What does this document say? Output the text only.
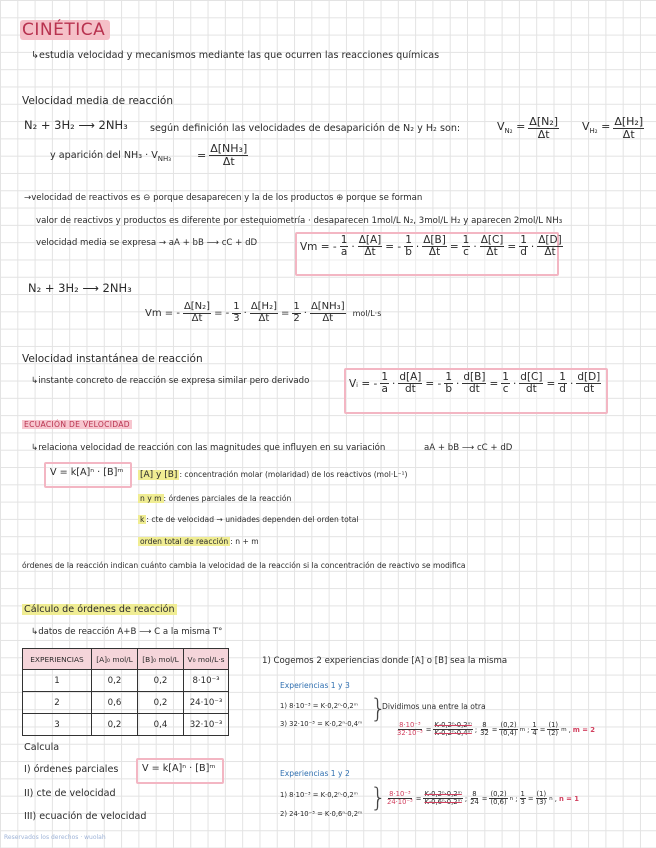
CINÉTICA
↳estudia velocidad y mecanismos mediante las que ocurren las reacciones químicas
Velocidad media de reacción
N₂ + 3H₂ ⟶ 2NH₃ según definición las velocidades de desaparición de N₂ y H₂ son:	$V_{N_2} = \frac{\text{Δ[N₂]}}{\Delta t} V_{H_2} = \frac{\text{Δ[H₂]}}{\Delta t}$
y aparición del $NH_3 \cdot V_{NH_3} = \frac{\text{Δ[NH₃]}}{\Delta t}$
→velocidad de reactivos es ⊖ porque desaparecen y la de los productos ⊕ porque se forman
valor de reactivos y productos es diferente por estequiometría · desaparecen 1mol/L N₂, 3mol/L H₂ y aparecen 2mol/L NH₃
velocidad media se expresa → aA + bB ⟶ cC + dD	Vm = - $\frac{1}{a} \cdot \frac{\Delta[A]}{\Delta t}$ = - $\frac{1}{b} \cdot \frac{\Delta[B]}{\Delta t} = \frac{1}{c} \cdot \frac{\Delta[C]}{\Delta t} = \frac{1}{d} \cdot \frac{\Delta[D]}{\Delta t}$
N₂ + 3H₂ ⟶ 2NH₃
Vm = - $\frac{\text{Δ[N₂]}}{\Delta t}$ = - $\frac{1}{3} \cdot \frac{\text{Δ[H₂]}}{\Delta t} = \frac{1}{2} \cdot \frac{\text{Δ[NH₃]}}{\Delta t} mol/L\cdot s$
Velocidad instantánea de reacción
↳instante concreto de reacción se expresa similar pero derivado	Vᵢ = - $\frac{1}{a} \cdot \frac{d[A]}{dt}$ = - $\frac{1}{b} \cdot \frac{d[B]}{dt} = \frac{1}{c} \cdot \frac{d[C]}{dt} = \frac{1}{d} \cdot \frac{d[D]}{dt}$
ECUACIÓN DE VELOCIDAD
↳relaciona velocidad de reacción con las magnitudes que influyen en su variación	aA + bB ⟶ cC + dD
V = k[A]ⁿ · [B]ᵐ [A] y [B] : concentración molar (molaridad) de los reactivos (mol·L⁻¹)
n y m : órdenes parciales de la reacción
k : cte de velocidad → unidades dependen del orden total
orden total de reacción : n + m
órdenes de la reacción indican cuánto cambia la velocidad de la reacción si la concentración de reactivo se modifica
Cálculo de órdenes de reacción
↳datos de reacción A+B ⟶ C a la misma T°
EXPERIENCIAS	[A]₀ mol/L	[B]₀ mol/L	V₀ mol/L·s
1	0,2	0,2	8·10⁻³
2	0,6	0,2	24·10⁻³
3	0,2	0,4	32·10⁻³
Calcula
I) órdenes parciales V = k[A]ⁿ · [B]ᵐ
II) cte de velocidad
III) ecuación de velocidad
1) Cogemos 2 experiencias donde [A] o [B] sea la misma
Experiencias 1 y 3
1) 8·10⁻³ = K·0,2ⁿ·0,2ᵐ
3) 32·10⁻³ = K·0,2ⁿ·0,4ᵐ }
Dividimos una entre la otra
$\frac{\text{8·10⁻³}}{\text{32·10⁻³}} = \frac{\text{K·0,2ⁿ·0,2ᵐ}}{\text{K·0,2ⁿ·0,4ᵐ}}$ ; $\frac{8}{32} = \frac{(0,2)}{(0,4)}$ m ; $\frac{1}{4} = \frac{(1)}{(2)}$ m , m = 2
Experiencias 1 y 2
1) 8·10⁻³ = K·0,2ⁿ·0,2ᵐ
2) 24·10⁻³ = K·0,6ⁿ·0,2ᵐ
} $\frac{\text{8·10⁻³}}{\text{24·10⁻³}} = \frac{\text{K·0,2ⁿ·0,2ᵐ}}{\text{K·0,6ⁿ·0,2ᵐ}}$ ; $\frac{8}{24} = \frac{(0,2)}{(0,6)}$ n ; $\frac{1}{3} = \frac{(1)}{(3)}$ n , n = 1
Reservados los derechos · wuolah
